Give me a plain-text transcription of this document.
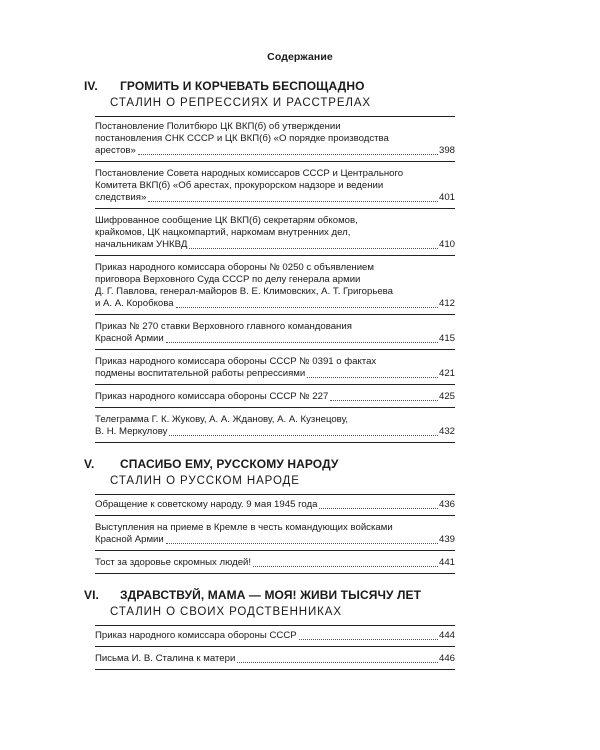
Содержание
IV.	ГРОМИТЬ И КОРЧЕВАТЬ БЕСПОЩАДНО
СТАЛИН О РЕПРЕССИЯХ И РАССТРЕЛАХ
Постановление Политбюро ЦК ВКП(б) об утверждении
постановления СНК СССР и ЦК ВКП(б) «О порядке производства
арестов»	398
Постановление Совета народных комиссаров СССР и Центрального
Комитета ВКП(б) «Об арестах, прокурорском надзоре и ведении
следствия»	401
Шифрованное сообщение ЦК ВКП(б) секретарям обкомов,
крайкомов, ЦК нацкомпартий, наркомам внутренних дел,
начальникам УНКВД	410
Приказ народного комиссара обороны № 0250 с объявлением
приговора Верховного Суда СССР по делу генерала армии
Д. Г. Павлова, генерал-майоров В. Е. Климовских, А. Т. Григорьева
и А. А. Коробкова	412
Приказ № 270 ставки Верховного главного командования
Красной Армии	415
Приказ народного комиссара обороны СССР № 0391 о фактах
подмены воспитательной работы репрессиями	421
Приказ народного комиссара обороны СССР № 227	425
Телеграмма Г. К. Жукову, А. А. Жданову, А. А. Кузнецову,
В. Н. Меркулову	432
V.	СПАСИБО ЕМУ, РУССКОМУ НАРОДУ
СТАЛИН О РУССКОМ НАРОДЕ
Обращение к советскому народу. 9 мая 1945 года	436
Выступления на приеме в Кремле в честь командующих войсками
Красной Армии	439
Тост за здоровье скромных людей!	441
VI.	ЗДРАВСТВУЙ, МАМА — МОЯ! ЖИВИ ТЫСЯЧУ ЛЕТ
СТАЛИН О СВОИХ РОДСТВЕННИКАХ
Приказ народного комиссара обороны СССР	444
Письма И. В. Сталина к матери	446
